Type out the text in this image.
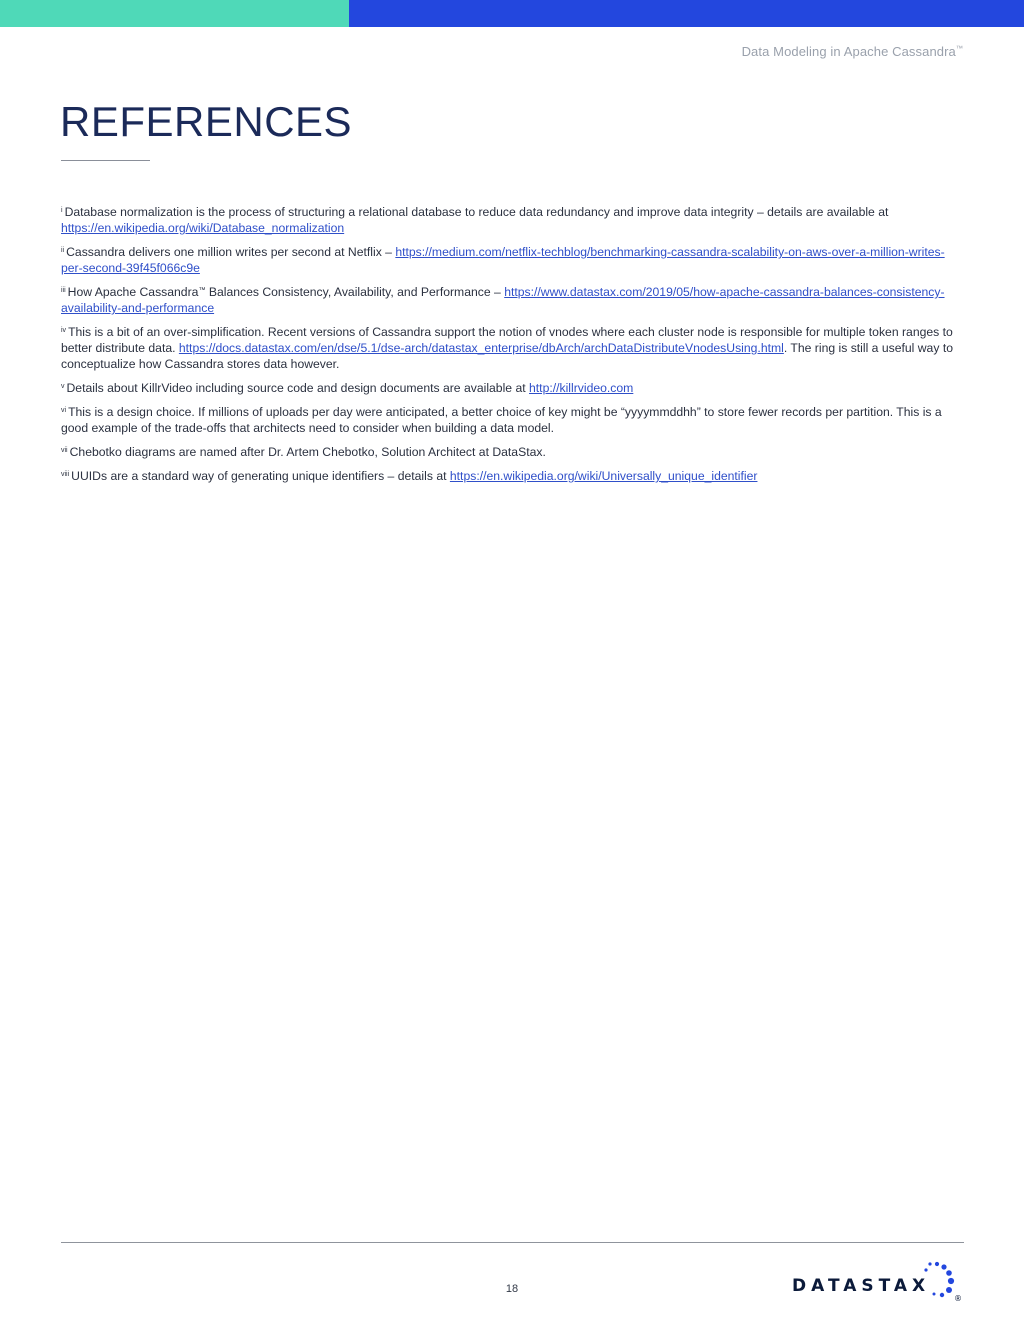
Data Modeling in Apache Cassandra™
REFERENCES

$^i$ Database normalization is the process of structuring a relational database to reduce data redundancy and improve data integrity – details are available at https://en.wikipedia.org/wiki/Database_normalization

$^{ii}$ Cassandra delivers one million writes per second at Netflix – https://medium.com/netflix-techblog/benchmarking-cassandra-scalability-on-aws-over-a-million-writes-per-second-39f45f066c9e

$^{iii}$ How Apache Cassandra™ Balances Consistency, Availability, and Performance – https://www.datastax.com/2019/05/how-apache-cassandra-balances-consistency-availability-and-performance

$^{iv}$ This is a bit of an over-simplification. Recent versions of Cassandra support the notion of vnodes where each cluster node is responsible for multiple token ranges to better distribute data. https://docs.datastax.com/en/dse/5.1/dse-arch/datastax_enterprise/dbArch/archDataDistributeVnodesUsing.html. The ring is still a useful way to conceptualize how Cassandra stores data however.

$^v$ Details about KillrVideo including source code and design documents are available at http://killrvideo.com

$^{vi}$ This is a design choice. If millions of uploads per day were anticipated, a better choice of key might be “yyyymmddhh” to store fewer records per partition. This is a good example of the trade-offs that architects need to consider when building a data model.

$^{vii}$ Chebotko diagrams are named after Dr. Artem Chebotko, Solution Architect at DataStax.

$^{viii}$ UUIDs are a standard way of generating unique identifiers – details at https://en.wikipedia.org/wiki/Universally_unique_identifier

18	DATASTAX
®
